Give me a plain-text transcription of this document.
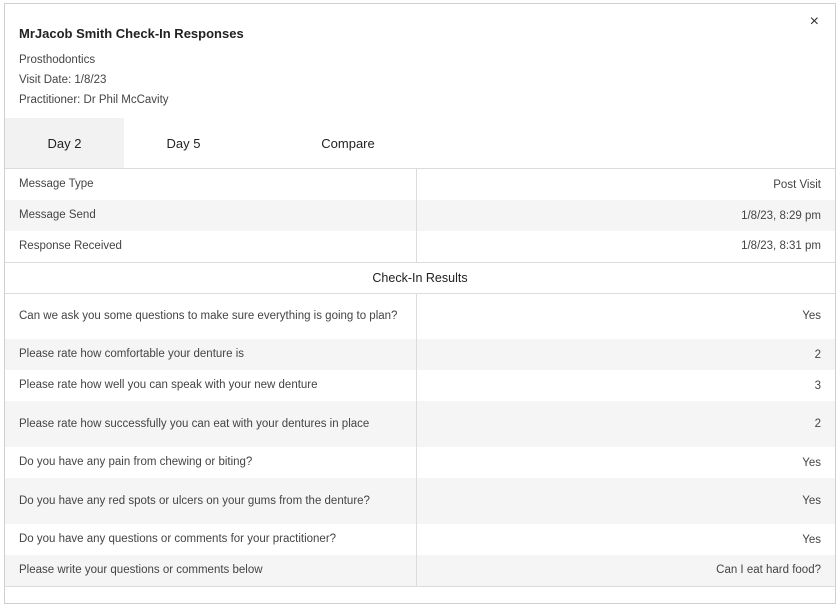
×
MrJacob Smith Check-In Responses
Prosthodontics
Visit Date: 1/8/23
Practitioner: Dr Phil McCavity
Day 2	Day 5	Compare
Message Type	Post Visit
Message Send	1/8/23, 8:29 pm
Response Received	1/8/23, 8:31 pm
Check-In Results	
Can we ask you some questions to make sure everything is going to plan?	Yes
Please rate how comfortable your denture is	2
Please rate how well you can speak with your new denture	3
Please rate how successfully you can eat with your dentures in place	2
Do you have any pain from chewing or biting?	Yes
Do you have any red spots or ulcers on your gums from the denture?	Yes
Do you have any questions or comments for your practitioner?	Yes
Please write your questions or comments below	Can I eat hard food?
